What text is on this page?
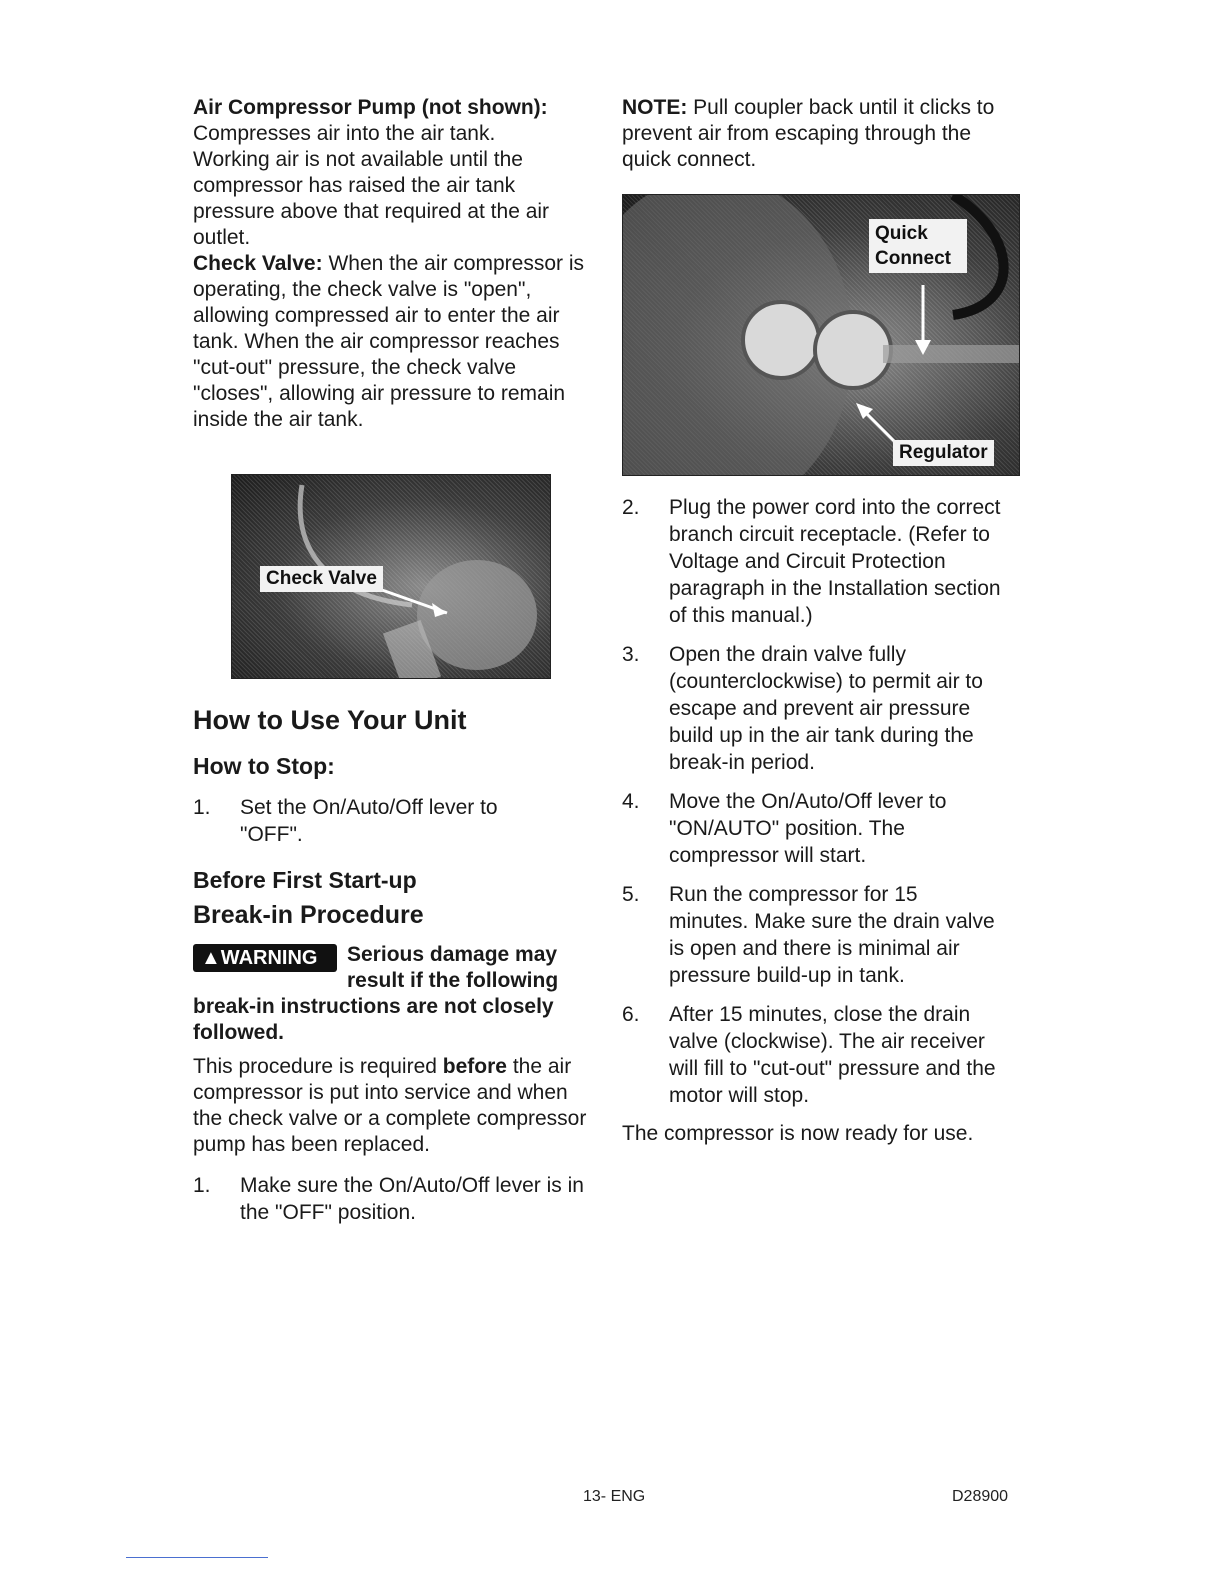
Air Compressor Pump (not shown):

Compresses air into the air tank. Working air is not available until the compressor has raised the air tank pressure above that required at the air outlet.

Check Valve: When the air compressor is operating, the check valve is "open", allowing compressed air to enter the air tank. When the air compressor reaches "cut-out" pressure, the check valve "closes", allowing air pressure to remain inside the air tank.

Check Valve
How to Use Your Unit
How to Stop:
1. Set the On/Auto/Off lever to "OFF".
Before First Start-up
Break-in Procedure
▲WARNING	Serious damage may result if the following break-in instructions are not closely followed.

This procedure is required before the air compressor is put into service and when the check valve or a complete compressor pump has been replaced.

1. Make sure the On/Auto/Off lever is in the "OFF" position.

NOTE: Pull coupler back until it clicks to prevent air from escaping through the quick connect.

Quick
Connect
Regulator
2. Plug the power cord into the correct branch circuit receptacle. (Refer to Voltage and Circuit Protection paragraph in the Installation section of this manual.)
3. Open the drain valve fully (counterclockwise) to permit air to escape and prevent air pressure build up in the air tank during the break-in period.
4. Move the On/Auto/Off lever to "ON/AUTO" position. The compressor will start.
5. Run the compressor for 15 minutes. Make sure the drain valve is open and there is minimal air pressure build-up in tank.
6. After 15 minutes, close the drain valve (clockwise). The air receiver will fill to "cut-out" pressure and the motor will stop.

The compressor is now ready for use.

13- ENG	D28900
